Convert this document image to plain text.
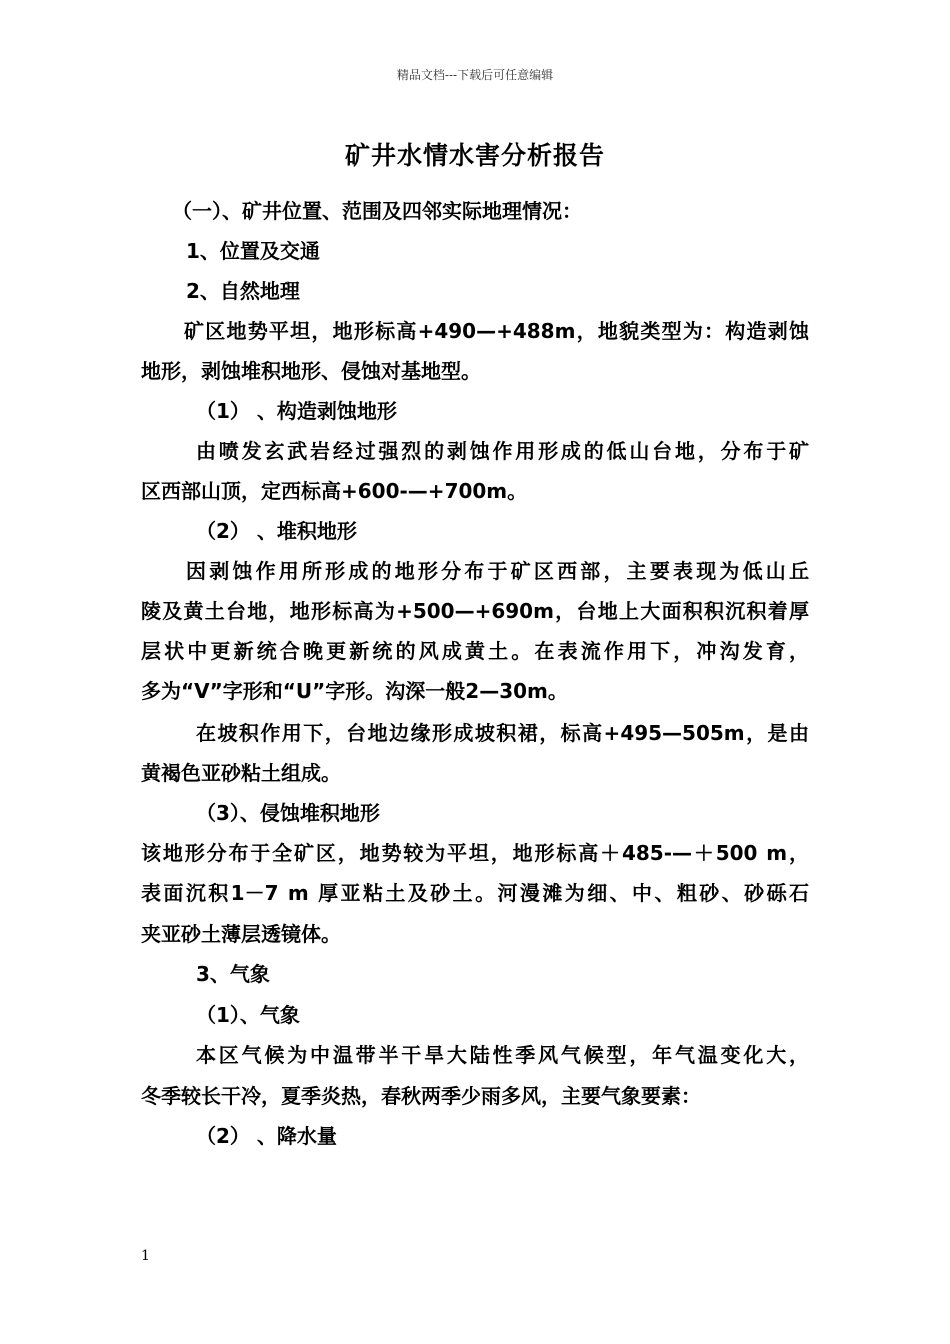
精品文档---下载后可任意编辑
矿井水情水害分析报告
（一）、矿井位置、范围及四邻实际地理情况：
1、位置及交通
2、自然地理
矿区地势平坦，地形标高+490—+488m，地貌类型为：构造剥蚀
地形，剥蚀堆积地形、侵蚀对基地型。
（1） 、构造剥蚀地形
由喷发玄武岩经过强烈的剥蚀作用形成的低山台地，分布于矿
区西部山顶，定西标高+600-—+700m。
（2） 、堆积地形
因剥蚀作用所形成的地形分布于矿区西部，主要表现为低山丘
陵及黄土台地，地形标高为+500—+690m，台地上大面积积沉积着厚
层状中更新统合晚更新统的风成黄土。在表流作用下，冲沟发育，
多为“V”字形和“U”字形。沟深一般2—30m。
在坡积作用下，台地边缘形成坡积裙，标高+495—505m，是由
黄褐色亚砂粘土组成。
（3）、侵蚀堆积地形
该地形分布于全矿区，地势较为平坦，地形标高＋485-—＋500 m，
表面沉积1－7 m 厚亚粘土及砂土。河漫滩为细、中、粗砂、砂砾石
夹亚砂土薄层透镜体。
3、气象
（1）、气象
本区气候为中温带半干旱大陆性季风气候型，年气温变化大，
冬季较长干冷，夏季炎热，春秋两季少雨多风，主要气象要素：
（2） 、降水量
1
